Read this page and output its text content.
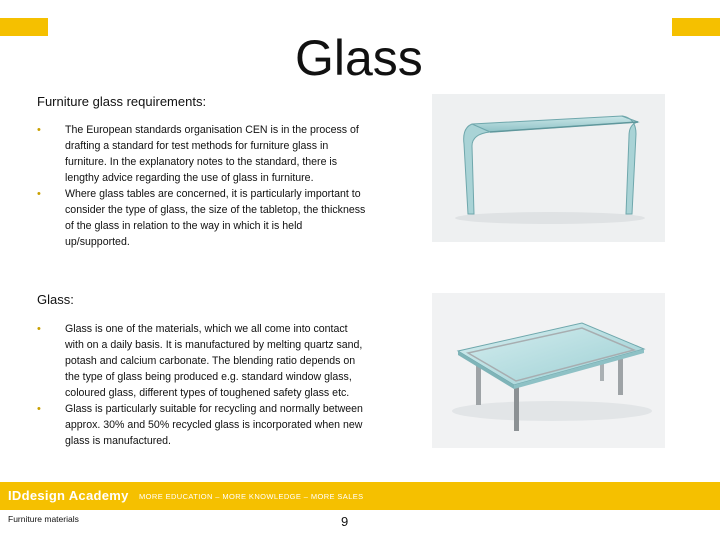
Glass
Furniture glass requirements:
• The European standards organisation CEN is in the process of drafting a standard for test methods for furniture glass in furniture. In the explanatory notes to the standard, there is lengthy advice regarding the use of glass in furniture.
• Where glass tables are concerned, it is particularly important to consider the type of glass, the size of the tabletop, the thickness of the glass in relation to the way in which it is held up/supported.
Glass:
• Glass is one of the materials, which we all come into contact with on a daily basis. It is manufactured by melting quartz sand, potash and calcium carbonate. The blending ratio depends on the type of glass being produced e.g. standard window glass, coloured glass, different types of toughened safety glass etc.
• Glass is particularly suitable for recycling and normally between approx. 30% and 50% recycled glass is incorporated when new glass is manufactured.
IDdesign Academy MORE EDUCATION – MORE KNOWLEDGE – MORE SALES
Furniture materials	9
